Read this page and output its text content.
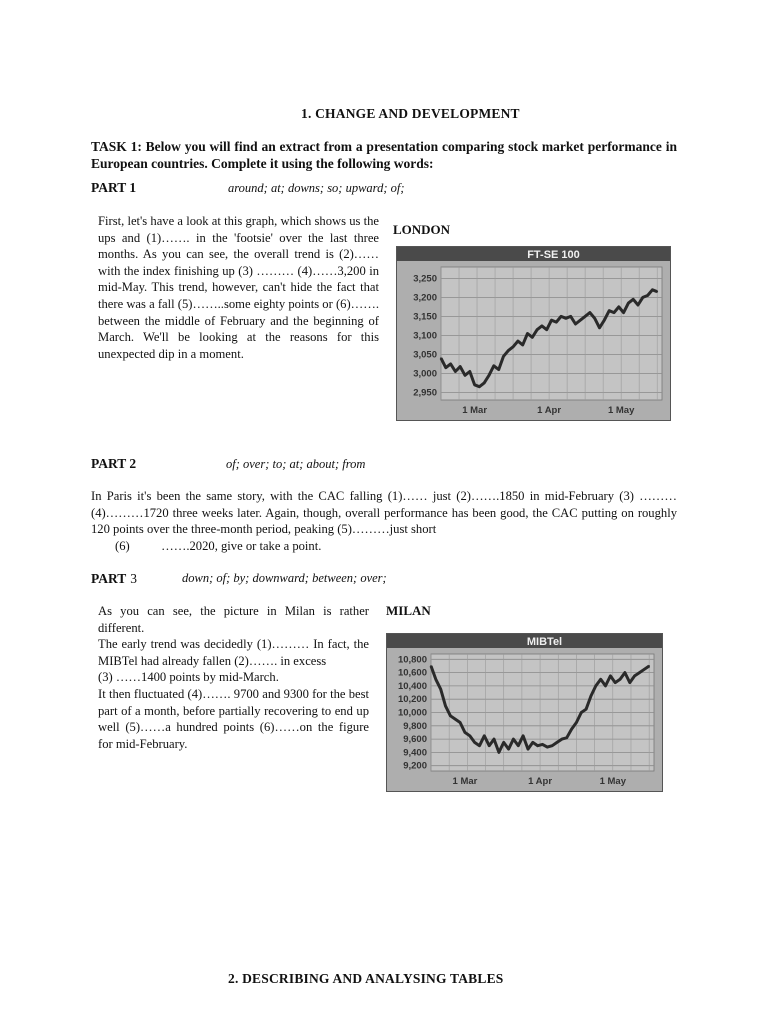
1. CHANGE AND DEVELOPMENT
TASK 1: Below you will find an extract from a presentation comparing stock market performance in European countries. Complete it using the following words:
PART 1	around; at; downs; so; upward; of;
First, let's have a look at this graph, which shows us the ups and (1)……. in the 'footsie' over the last three months. As you can see, the overall trend is (2)……with the index finishing up (3) ……… (4)……3,200 in mid-May. This trend, however, can't hide the fact that there was a fall (5)……..some eighty points or (6)……. between the middle of February and the beginning of March. We'll be looking at the reasons for this unexpected dip in a moment.
LONDON
FT-SE 100
2,950
3,000
3,050
3,100
3,150
3,200
3,250
1 Mar	1 Apr	1 May
PART 2	of; over; to; at; about; from
In Paris it's been the same story, with the CAC falling (1)…… just (2)…….1850 in mid-February (3) ……… (4)………1720 three weeks later. Again, though, overall performance has been good, the CAC putting on roughly 120 points over the three-month period, peaking (5)………just short
(6)          …….2020, give or take a point.
PART 3	down; of; by; downward; between; over;

As you can see, the picture in Milan is rather different.

The early trend was decidedly (1)……… In fact, the MIBTel had already fallen (2)……. in excess

(3) ……1400 points by mid-March.

It then fluctuated (4)……. 9700 and 9300 for the best part of a month, before partially recovering to end up well (5)……a hundred points (6)……on the figure for mid-February.

MILAN
MIBTel
9,200
9,400
9,600
9,800
10,000
10,200
10,400
10,600
10,800
1 Mar	1 Apr	1 May
2. DESCRIBING AND ANALYSING TABLES
